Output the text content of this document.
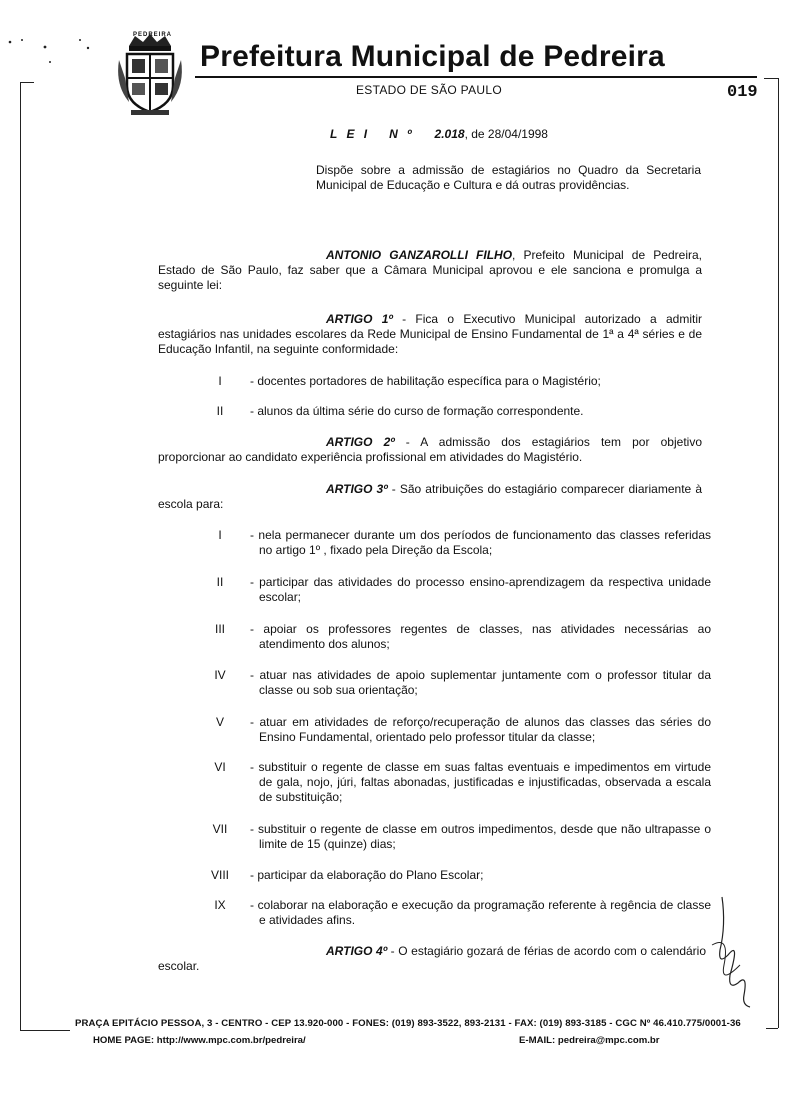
PEDREIRA
Prefeitura Municipal de Pedreira
ESTADO DE SÃO PAULO	019
L E I   N º 2.018, de 28/04/1998
Dispõe sobre a admissão de estagiários no Quadro da Secretaria Municipal de Educação e Cultura e dá outras providências.
ANTONIO GANZAROLLI FILHO, Prefeito Municipal de Pedreira, Estado de São Paulo, faz saber que a Câmara Municipal aprovou e ele sanciona e promulga a seguinte lei:
ARTIGO 1º - Fica o Executivo Municipal autorizado a admitir estagiários nas unidades escolares da Rede Municipal de Ensino Fundamental de 1ª a 4ª séries e de Educação Infantil, na seguinte conformidade:
I	- docentes portadores de habilitação específica para o Magistério;
II	- alunos da última série do curso de formação correspondente.
ARTIGO 2º - A admissão dos estagiários tem por objetivo proporcionar ao candidato experiência profissional em atividades do Magistério.
ARTIGO 3º - São atribuições do estagiário comparecer diariamente à escola para:
I	- nela permanecer durante um dos períodos de funcionamento das classes referidas no artigo 1º , fixado pela Direção da Escola;
II	- participar das atividades do processo ensino-aprendizagem da respectiva unidade escolar;
III	- apoiar os professores regentes de classes, nas atividades necessárias ao atendimento dos alunos;
IV	- atuar nas atividades de apoio suplementar juntamente com o professor titular da classe ou sob sua orientação;
V	- atuar em atividades de reforço/recuperação de alunos das classes das séries do Ensino Fundamental, orientado pelo professor titular da classe;
VI	- substituir o regente de classe em suas faltas eventuais e impedimentos em virtude de gala, nojo, júri, faltas abonadas, justificadas e injustificadas, observada a escala de substituição;
VII	- substituir o regente de classe em outros impedimentos, desde que não ultrapasse o limite de 15 (quinze) dias;
VIII	- participar da elaboração do Plano Escolar;
IX	- colaborar na elaboração e execução da programação referente à regência de classe e atividades afins.
ARTIGO 4º - O estagiário gozará de férias de acordo com o calendário escolar.
PRAÇA EPITÁCIO PESSOA, 3 - CENTRO - CEP 13.920-000 - FONES: (019) 893-3522, 893-2131 - FAX: (019) 893-3185 - CGC Nº 46.410.775/0001-36
HOME PAGE: http://www.mpc.com.br/pedreira/	E-MAIL: pedreira@mpc.com.br
